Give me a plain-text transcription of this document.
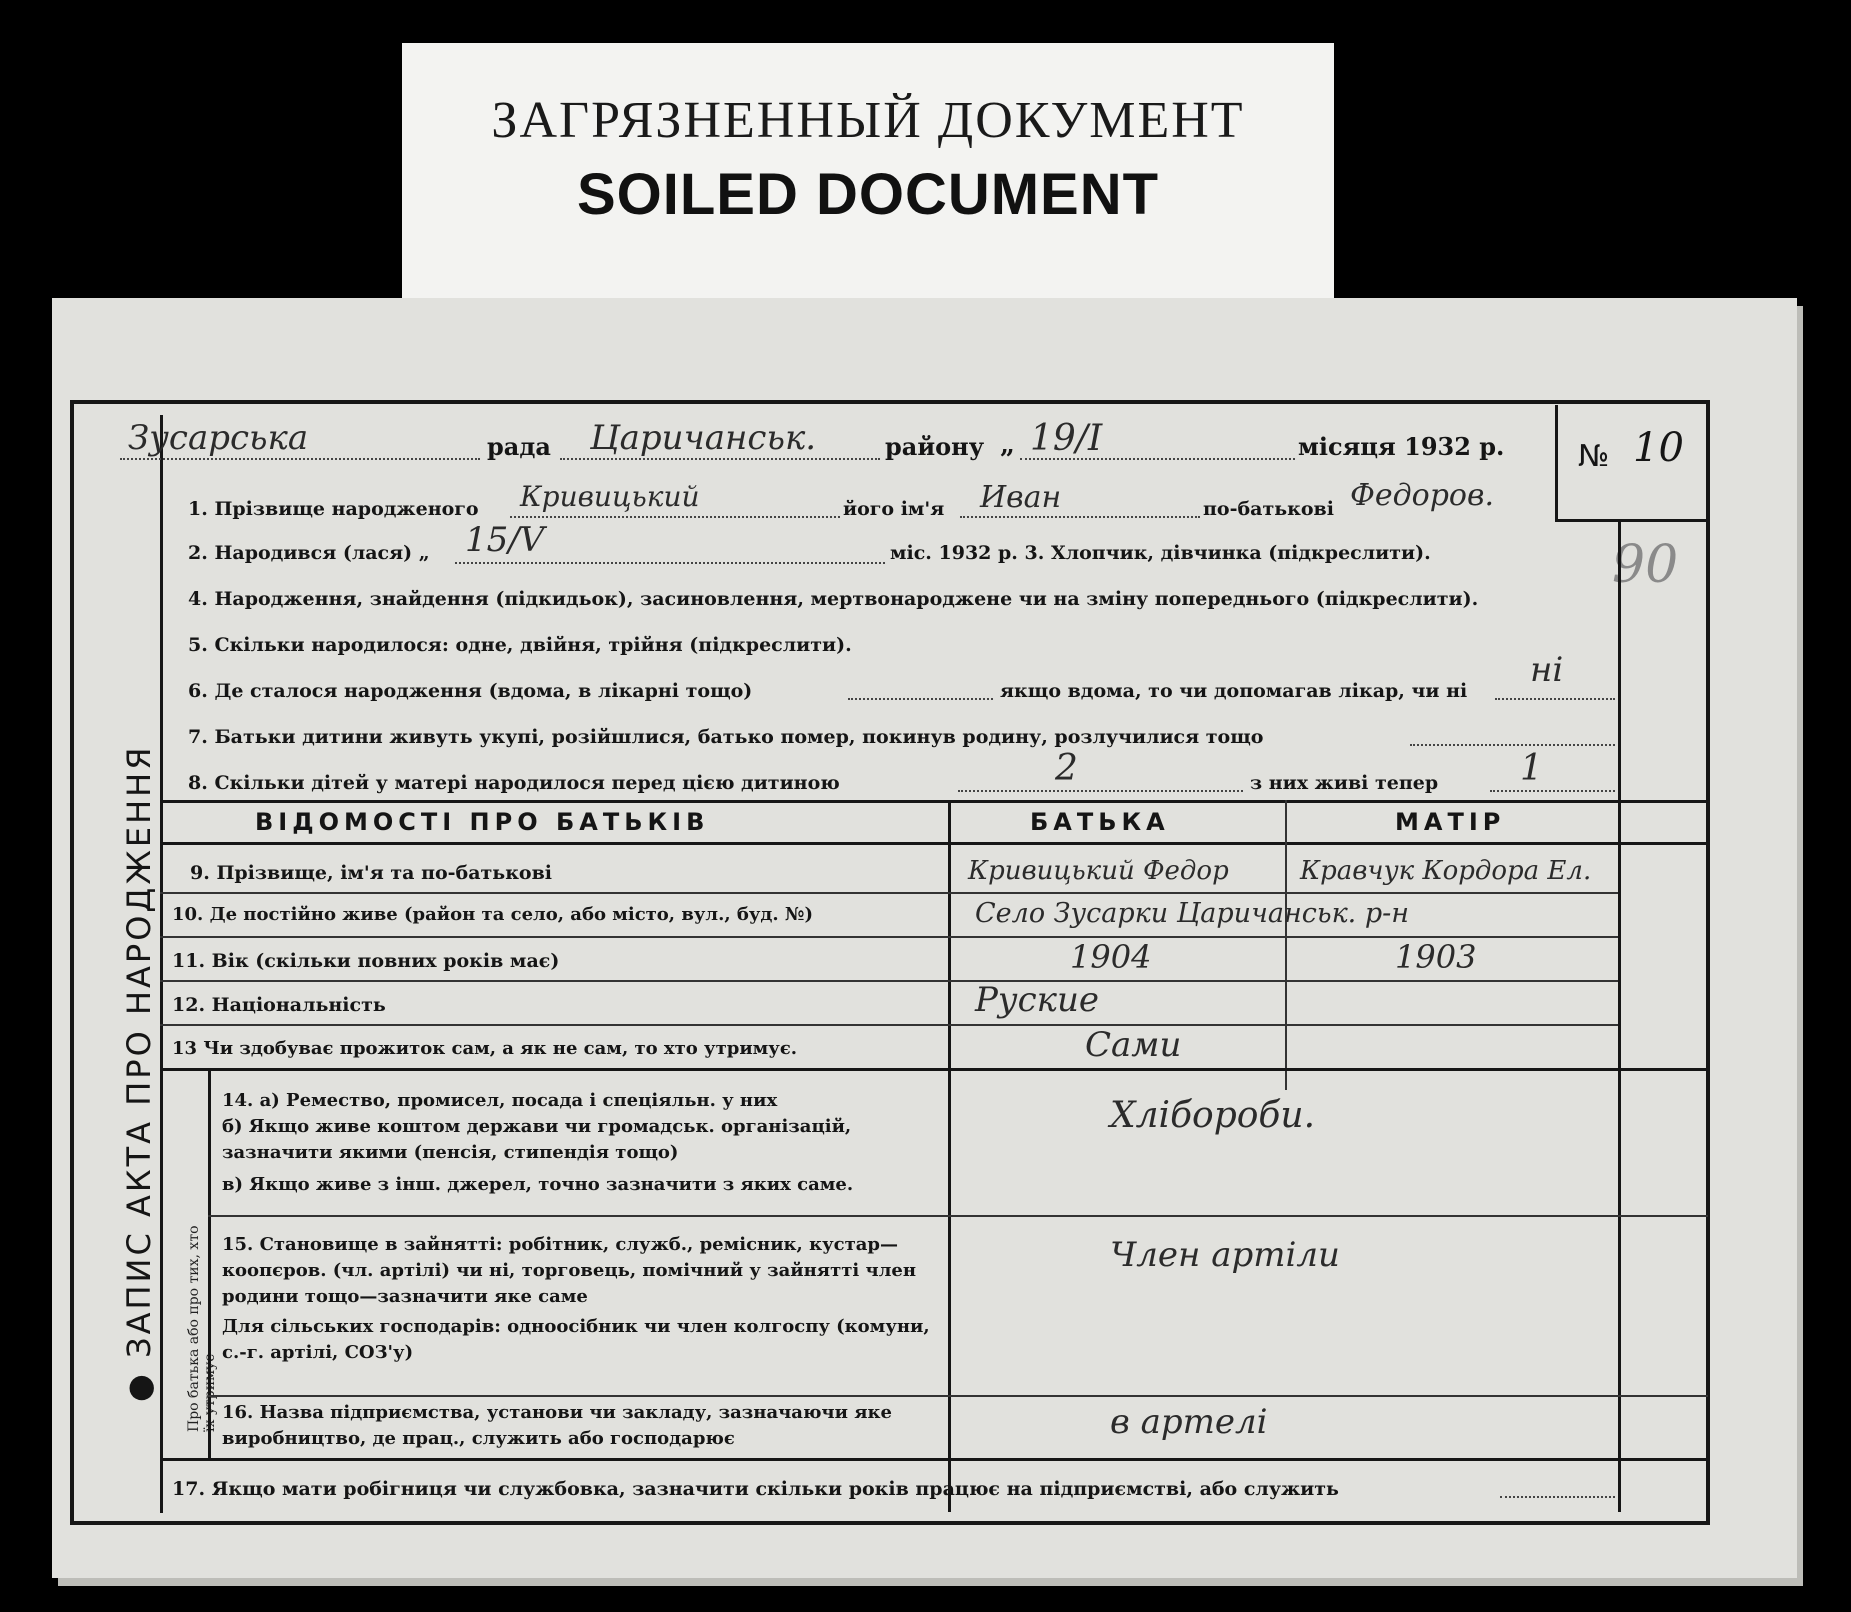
ЗАГРЯЗНЕННЫЙ ДОКУМЕНТ
SOILED DOCUMENT
● ЗАПИС АКТА ПРО НАРОДЖЕННЯ Про батька або про тих, хто
їх утримує
№ 10
90
Зусарська	рада Царичанськ.	району „ 19/I	місяця 1932 р.
1. Прізвище народженого Кривицький	його ім'я Иван	по-батькові Федоров.
2. Народився (лася) „ 15/V	міс. 1932 р. 3. Хлопчик, дівчинка (підкреслити).
4. Народження, знайдення (підкидьок), засиновлення, мертвонароджене чи на зміну попереднього (підкреслити).
5. Скільки народилося: одне, двійня, трійня (підкреслити).
6. Де сталося народження (вдома, в лікарні тощо)	якщо вдома, то чи допомагав лікар, чи ні
ні
7. Батьки дитини живуть укупі, розійшлися, батько помер, покинув родину, розлучилися тощо
8. Скільки дітей у матері народилося перед цією дитиною	2	з них живі тепер 1
ВІДОМОСТІ ПРО БАТЬКІВ	БАТЬКА	МАТІР
9. Прізвище, ім'я та по-батькові	Кривицький Федор	Кравчук Кордора Ел.
10. Де постійно живе (район та село, або місто, вул., буд. №)	Село Зусарки Царичанськ. р-н
11. Вік (скільки повних років має)	1904	1903
12. Національність	Руские
13 Чи здобуває прожиток сам, а як не сам, то хто утримує.	Сами
14. а) Ремество, промисел, посада і спеціяльн. у них
б) Якщо живе коштом держави чи громадськ. організацій, зазначити якими (пенсія, стипендія тощо)
в) Якщо живе з інш. джерел, точно зазначити з яких саме.
Хлібороби.
15. Становище в зайнятті: робітник, служб., ремісник, кустар—коопєров. (чл. артілі) чи ні, торговець, помічний у зайнятті член родини тощо—зазначити яке саме
Для сільських господарів: одноосібник чи член колгоспу (комуни, с.-г. артілі, СОЗ'у)
Член артіли
16. Назва підприємства, установи чи закладу, зазначаючи яке виробництво, де прац., служить або господарює	в артелі
17. Якщо мати робігниця чи службовка, зазначити скільки років працює на підприємстві, або служить
